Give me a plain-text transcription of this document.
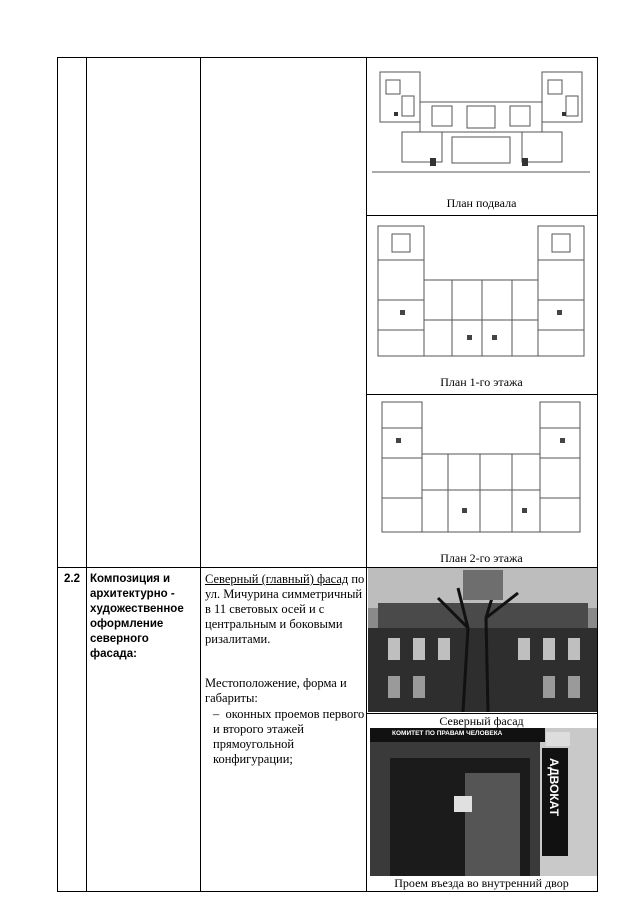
План подвала
План 1-го этажа
План 2-го этажа
2.2 Композиция и архитектурно - художественное оформление северного фасада:
Северный (главный) фасад по ул. Мичурина симметричный в 11 световых осей и с центральным и боковыми ризалитами.
Местоположение, форма и габариты:
–  оконных проемов первого и второго этажей прямоугольной конфигурации;
Северный фасад
КОМИТЕТ ПО ПРАВАМ ЧЕЛОВЕКА
АДВОКАТ
Проем въезда во внутренний двор
